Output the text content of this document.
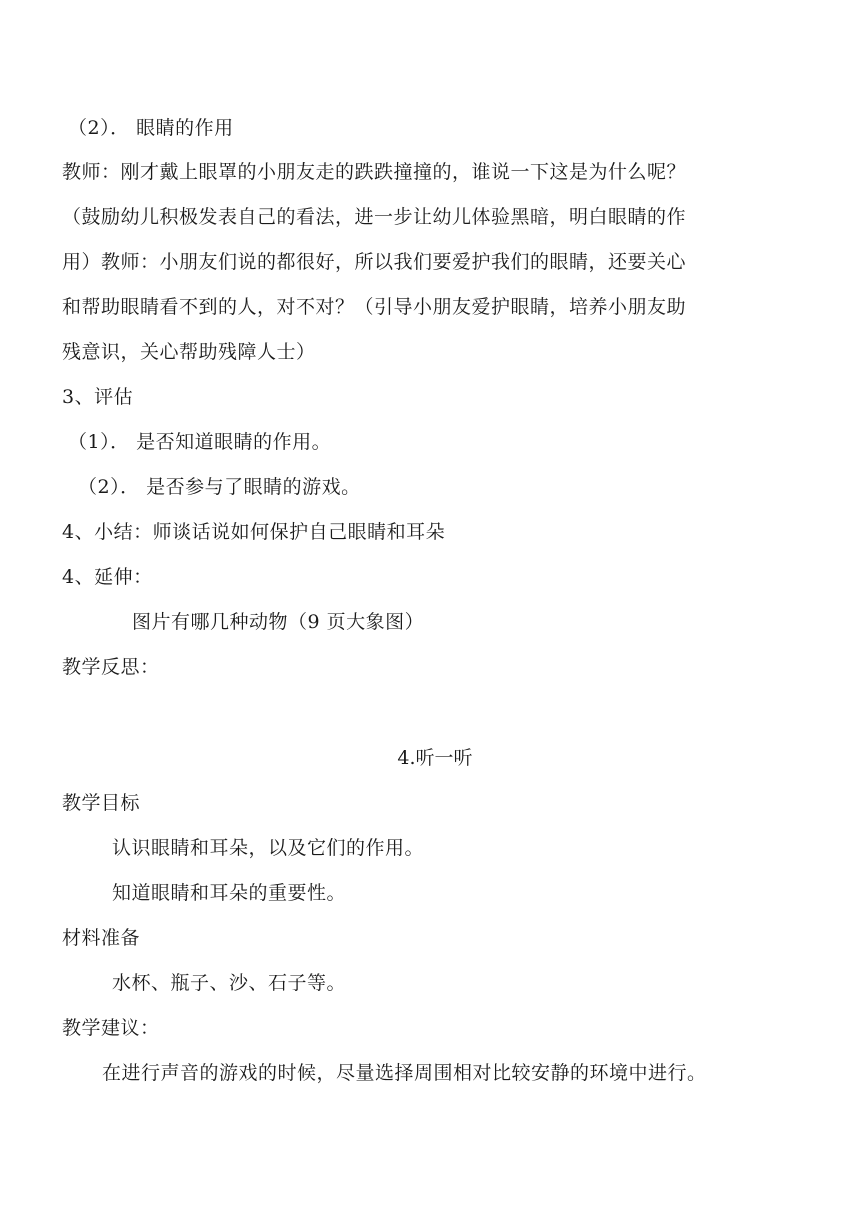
（2）． 眼睛的作用
教师：刚才戴上眼罩的小朋友走的跌跌撞撞的，谁说一下这是为什么呢？
（鼓励幼儿积极发表自己的看法，进一步让幼儿体验黑暗，明白眼睛的作
用）教师：小朋友们说的都很好，所以我们要爱护我们的眼睛，还要关心
和帮助眼睛看不到的人，对不对？（引导小朋友爱护眼睛，培养小朋友助
残意识，关心帮助残障人士）
3、评估
（1）． 是否知道眼睛的作用。
（2）． 是否参与了眼睛的游戏。
4、小结：师谈话说如何保护自己眼睛和耳朵
4、延伸：
图片有哪几种动物（9 页大象图）
教学反思：
4.听一听
教学目标
认识眼睛和耳朵，以及它们的作用。
知道眼睛和耳朵的重要性。
材料准备
水杯、瓶子、沙、石子等。
教学建议：
在进行声音的游戏的时候，尽量选择周围相对比较安静的环境中进行。
